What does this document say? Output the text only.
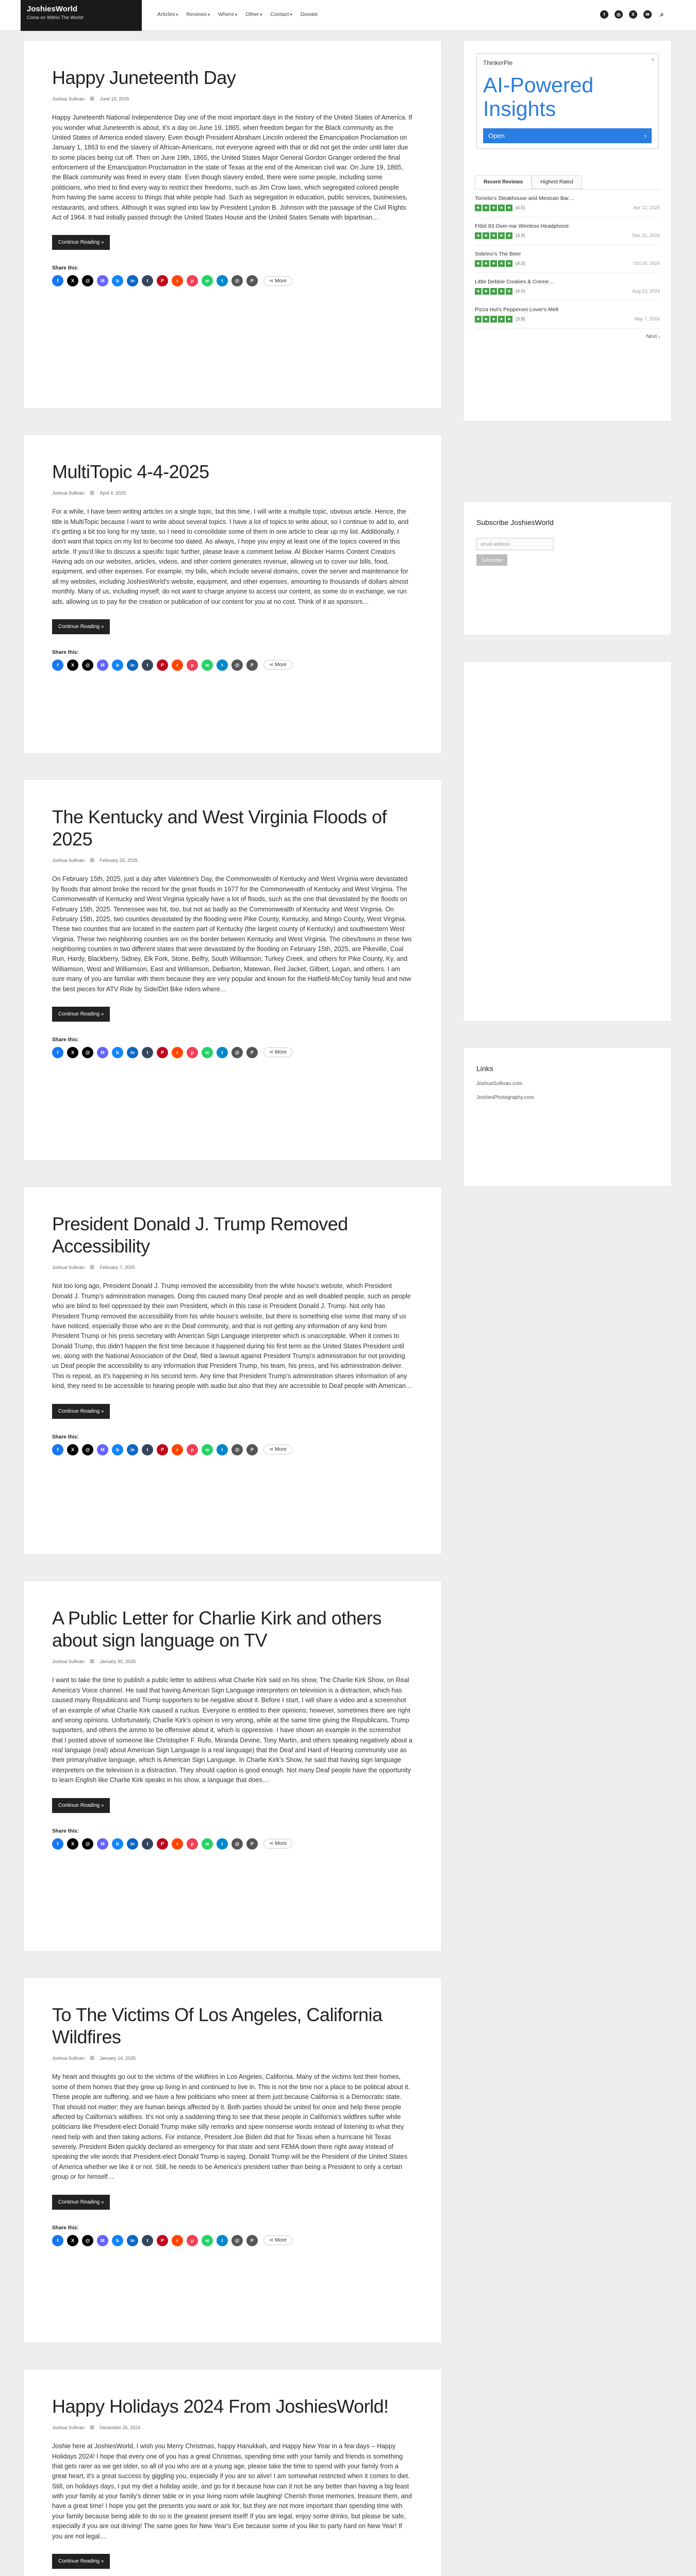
JoshiesWorld
Come on Within The World!	Articles ▾ Reviews ▾ Where ▾ Other ▾ Contact ▾ Donate	f	◎	X	✉	⌕
Happy Juneteenth Day
Joshua Sullivan ▦ June 19, 2025

Happy Juneteenth National Independence Day one of the most important days in the history of the United States of America. If you wonder what Juneteenth is about, it's a day on June 19, 1865, when freedom began for the Black community as the United States of America ended slavery. Even though President Abraham Lincoln ordered the Emancipation Proclamation on January 1, 1863 to end the slavery of African-Americans, not everyone agreed with that or did not get the order until later due to some places being cut off. Then on June 19th, 1865, the United States Major General Gordon Granger ordered the final enforcement of the Emancipation Proclamation in the state of Texas at the end of the American civil war. On June 19, 1865, the Black community was freed in every state. Even though slavery ended, there were some people, including some politicians, who tried to find every way to restrict their freedoms, such as Jim Crow laws, which segregated colored people from having the same access to things that white people had. Such as segregation in education, public services, businesses, restaurants, and others. Although it was signed into law by President Lyndon B. Johnson with the passage of the Civil Rights Act of 1964. It had initially passed through the United States House and the United States Senate with bipartisan…

Continue Reading »
Share this:
f	X	@	M	b	in	t	P	r	p	w	t	@	P	⋖ More
MultiTopic 4-4-2025
Joshua Sullivan ▦ April 4, 2025

For a while, I have been writing articles on a single topic, but this time, I will write a multiple topic, obvious article. Hence, the title is MultiTopic because I want to write about several topics. I have a lot of topics to write about, so I continue to add to, and it's getting a bit too long for my taste, so I need to consolidate some of them in one article to clear up my list. Additionally, I don't want that topics on my list to become too dated. As always, I hope you enjoy at least one of the topics covered in this article. If you'd like to discuss a specific topic further, please leave a comment below. AI Blocker Harms Content Creators Having ads on our websites, articles, videos, and other content generates revenue, allowing us to cover our bills, food, equipment, and other expenses. For example, my bills, which include several domains, cover the server and maintenance for all my websites, including JoshiesWorld's website, equipment, and other expenses, amounting to thousands of dollars almost monthly. Many of us, including myself, do not want to charge anyone to access our content, as some do in exchange, we run ads, allowing us to pay for the creation or publication of our content for you at no cost. Think of it as sponsors…

Continue Reading »
Share this:
f	X	@	M	b	in	t	P	r	p	w	t	@	P	⋖ More
The Kentucky and West Virginia Floods of 2025
Joshua Sullivan ▦ February 20, 2025

On February 15th, 2025, just a day after Valentine's Day, the Commonwealth of Kentucky and West Virginia were devastated by floods that almost broke the record for the great floods in 1977 for the Commonwealth of Kentucky and West Virginia. The Commonwealth of Kentucky and West Virginia typically have a lot of floods, such as the one that devastated by the floods on February 15th, 2025. Tennessee was hit, too, but not as badly as the Commonwealth of Kentucky and West Virginia. On February 15th, 2025, two counties devastated by the flooding were Pike County, Kentucky, and Mingo County, West Virginia. These two counties that are located in the eastern part of Kentucky (the largest county of Kentucky) and southwestern West Virginia. These two neighboring counties are on the border between Kentucky and West Virginia. The cities/towns in these two neighboring counties in two different states that were devastated by the flooding on February 15th, 2025, are Pikeville, Coal Run, Hardy, Blackberry, Sidney, Elk Fork, Stone, Belfry, South Williamson, Turkey Creek, and others for Pike County, Ky, and Williamson, West and Williamson, East and Williamson, Delbarton, Matewan, Red Jacket, Gilbert, Logan, and others. I am sure many of you are familiar with them because they are very popular and known for the Hatfield-McCoy family feud and now the best pieces for ATV Ride by Side/Dirt Bike riders where…

Continue Reading »
Share this:
f	X	@	M	b	in	t	P	r	p	w	t	@	P	⋖ More
President Donald J. Trump Removed Accessibility
Joshua Sullivan ▦ February 7, 2025

Not too long ago, President Donald J. Trump removed the accessibility from the white house's website, which President Donald J. Trump's administration manages. Doing this caused many Deaf people and as well disabled people, such as people who are blind to feel oppressed by their own President, which in this case is President Donald J. Trump. Not only has President Trump removed the accessibility from his white house's website, but there is something else some that many of us have noticed, especially those who are in the Deaf community, and that is not getting any information of any kind from President Trump or his press secretary with American Sign Language interpreter which is unacceptable. When it comes to Donald Trump, this didn't happen the first time because it happened during his first term as the United States President until we, along with the National Association of the Deaf, filed a lawsuit against President Trump's administration for not providing us Deaf people the accessibility to any information that President Trump, his team, his press, and his administration deliver. This is repeat, as it's happening in his second term. Any time that President Trump's administration shares information of any kind, they need to be accessible to hearing people with audio but also that they are accessible to Deaf people with American…

Continue Reading »
Share this:
f	X	@	M	b	in	t	P	r	p	w	t	@	P	⋖ More
A Public Letter for Charlie Kirk and others about sign language on TV
Joshua Sullivan ▦ January 30, 2025

I want to take the time to publish a public letter to address what Charlie Kirk said on his show, The Charlie Kirk Show, on Real America's Voice channel. He said that having American Sign Language interpreters on television is a distraction, which has caused many Republicans and Trump supporters to be negative about it. Before I start, I will share a video and a screenshot of an example of what Charlie Kirk caused a ruckus. Everyone is entitled to their opinions; however, sometimes there are right and wrong opinions. Unfortunately, Charlie Kirk's opinion is very wrong, while at the same time giving the Republicans, Trump supporters, and others the ammo to be offensive about it, which is oppressive. I have shown an example in the screenshot that I posted above of someone like Christopher F. Rufo, Miranda Devine, Tony Martin, and others speaking negatively about a real language (real) about American Sign Language is a real language) that the Deaf and Hard of Hearing community use as their primary/native language, which is American Sign Language. In Charlie Kirk's Show, he said that having sign language interpreters on the television is a distraction. They should caption is good enough. Not many Deaf people have the opportunity to learn English like Charlie Kirk speaks in his show, a language that does…

Continue Reading »
Share this:
f	X	@	M	b	in	t	P	r	p	w	t	@	P	⋖ More
To The Victims Of Los Angeles, California Wildfires
Joshua Sullivan ▦ January 14, 2025

My heart and thoughts go out to the victims of the wildfires in Los Angeles, California. Many of the victims lost their homes, some of them homes that they grew up living in and continued to live in. This is not the time nor a place to be political about it. These people are suffering, and we have a few politicians who sneer at them just because California is a Democratic state. That should not matter; they are human beings affected by it. Both parties should be united for once and help these people affected by California's wildfires. It's not only a saddening thing to see that these people in California's wildfires suffer while politicians like President-elect Donald Trump make silly remarks and spew nonsense words instead of listening to what they need help with and then taking actions. For instance, President Joe Biden did that for Texas when a hurricane hit Texas severely. President Biden quickly declared an emergency for that state and sent FEMA down there right away instead of speaking the vile words that President-elect Donald Trump is saying. Donald Trump will be the President of the United States of America whether we like it or not. Still, he needs to be America's president rather than being a President to only a certain group or for himself…

Continue Reading »
Share this:
f	X	@	M	b	in	t	P	r	p	w	t	@	P	⋖ More
Happy Holidays 2024 From JoshiesWorld!
Joshua Sullivan ▦ December 25, 2024

Joshie here at JoshiesWorld, I wish you Merry Christmas, happy Hanukkah, and Happy New Year in a few days – Happy Holidays 2024! I hope that every one of you has a great Christmas, spending time with your family and friends is something that gets rarer as we get older, so all of you who are at a young age, please take the time to spend with your family from a great heart, it's a great success by giggling you, especially if you are so alive! I am somewhat restricted when it comes to diet. Still, on holidays days, I put my diet a holiday aside, and go for it because how can it not be any better than having a big feast with your family at your family's dinner table or in your living room while laughing! Cherish those memories, treasure them, and have a great time! I hope you get the presents you want or ask for, but they are not more important than spending time with your family because being able to do so is the greatest present itself! If you are legal, enjoy some drinks, but please be safe, especially if you are out driving! The same goes for New Year's Eve because some of you like to party hard on New Year! If you are not legal…

Continue Reading »

✕
ThinkerPie
AI-Powered Insights
Open	›
Recent Reviews	Highest Rated
Toronto's Steakhouse and Mexican Bar…
★ ★ ★ ★ ★ (4.5)	Apr 12, 2025
Fitbit 93 Over-ear Wireless Headphone
★ ★ ★ ★ ★ (3.9)	Dec 21, 2024
Sobrino's The Beer
★ ★ ★ ★ ★ (4.3)	Oct 16, 2024
Little Debbie Cookies & Creme…
★ ★ ★ ★ ★ (4.0)	Aug 23, 2024
Pizza Hut's Pepperoni Lover's Melt
★ ★ ★ ★ ★ (3.8)	May 7, 2024
Next ›
Subscribe JoshiesWorld
email address
Subscribe
Links
JoshuaSullivan.com
JoshiesPhotography.com
